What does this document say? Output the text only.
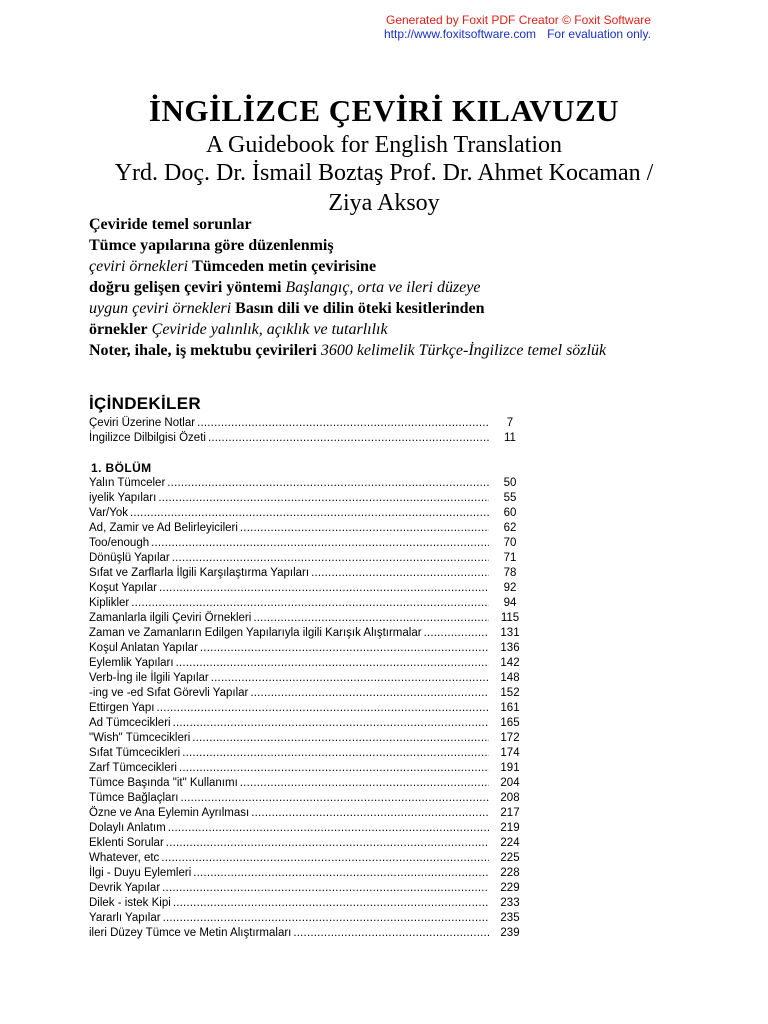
Generated by Foxit PDF Creator © Foxit Software
http://www.foxitsoftware.com For evaluation only.
İNGİLİZCE ÇEVİRİ KILAVUZU
A Guidebook for English Translation
Yrd. Doç. Dr. İsmail Boztaş Prof. Dr. Ahmet Kocaman /
Ziya Aksoy
Çeviride temel sorunlar
Tümce yapılarına göre düzenlenmiş
çeviri örnekleri Tümceden metin çevirisine
doğru gelişen çeviri yöntemi Başlangıç, orta ve ileri düzeye
uygun çeviri örnekleri Basın dili ve dilin öteki kesitlerinden
örnekler Çeviride yalınlık, açıklık ve tutarlılık
Noter, ihale, iş mektubu çevirileri 3600 kelimelik Türkçe-İngilizce temel sözlük
İÇİNDEKİLER
Çeviri Üzerine Notlar .....	7
İngilizce Dilbilgisi Özeti .....	11
1. BÖLÜM
Yalın Tümceler .....	50
iyelik Yapıları .....	55
Var/Yok .....	60
Ad, Zamir ve Ad Belirleyicileri .....	62
Too/enough .....	70
Dönüşlü Yapılar .....	71
Sıfat ve Zarflarla İlgili Karşılaştırma Yapıları .....	78
Koşut Yapılar .....	92
Kiplikler .....	94
Zamanlarla ilgili Çeviri Örnekleri .....	115
Zaman ve Zamanların Edilgen Yapılarıyla ilgili Karışık Alıştırmalar .....	131
Koşul Anlatan Yapılar .....	136
Eylemlik Yapıları .....	142
Verb-İng ile İlgili Yapılar .....	148
-ing ve -ed Sıfat Görevli Yapılar .....	152
Ettirgen Yapı .....	161
Ad Tümcecikleri .....	165
"Wish" Tümcecikleri .....	172
Sıfat Tümcecikleri .....	174
Zarf Tümcecikleri .....	191
Tümce Başında "it" Kullanımı .....	204
Tümce Bağlaçları .....	208
Özne ve Ana Eylemin Ayrılması .....	217
Dolaylı Anlatım .....	219
Eklenti Sorular .....	224
Whatever, etc .....	225
İlgi - Duyu Eylemleri .....	228
Devrik Yapılar .....	229
Dilek - istek Kipi .....	233
Yararlı Yapılar .....	235
ileri Düzey Tümce ve Metin Alıştırmaları .....	239
